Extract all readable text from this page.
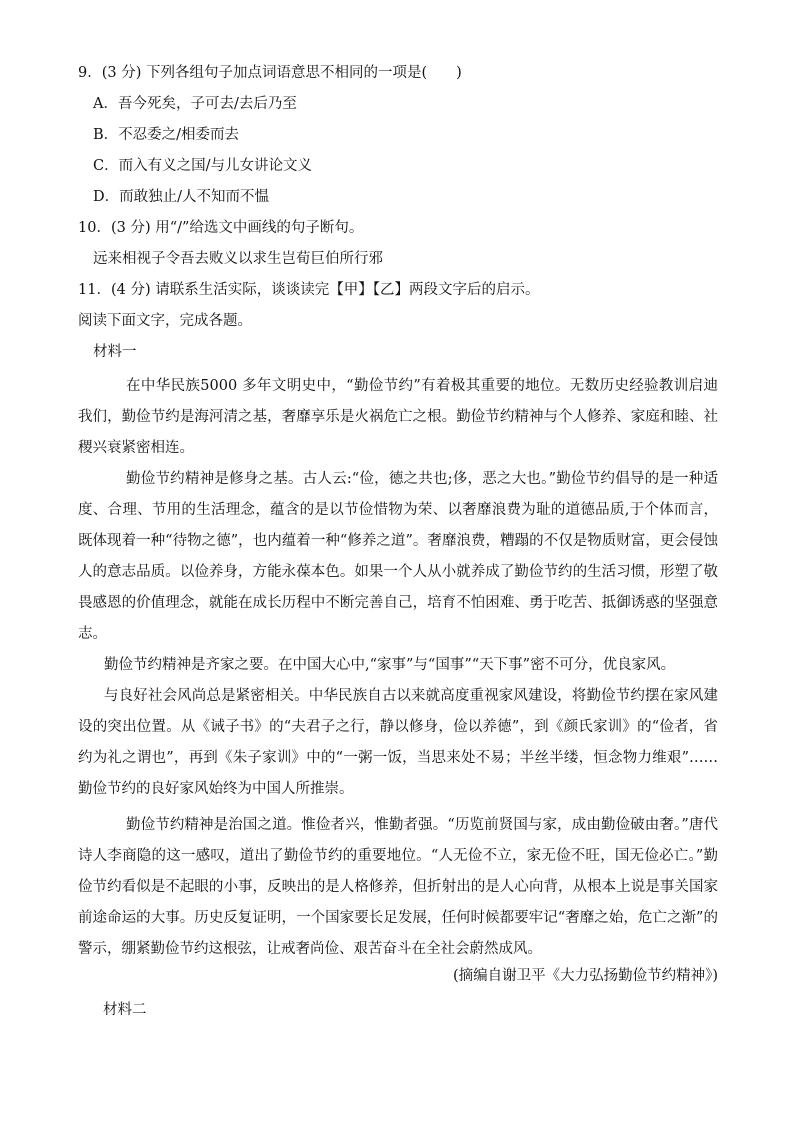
9．(3 分) 下列各组句子加点词语意思不相同的一项是(　　)
A．吾今死矣，子可去/去后乃至
B．不忍委之/相委而去
C．而入有义之国/与儿女讲论文义
D．而敢独止/人不知而不愠
10．(3 分) 用“/”给选文中画线的句子断句。
远来相视子令吾去败义以求生岂荀巨伯所行邪
11．(4 分) 请联系生活实际，谈谈读完【甲】【乙】两段文字后的启示。
阅读下面文字，完成各题。
材料一
在中华民族5000 多年文明史中，“勤俭节约”有着极其重要的地位。无数历史经验教训启迪我们，勤俭节约是海河清之基，奢靡享乐是火祸危亡之根。勤俭节约精神与个人修养、家庭和睦、社稷兴衰紧密相连。
勤俭节约精神是修身之基。古人云:“俭，德之共也;侈，恶之大也。”勤俭节约倡导的是一种适度、合理、节用的生活理念，蕴含的是以节俭惜物为荣、以奢靡浪费为耻的道德品质,于个体而言，既体现着一种“待物之德”，也内蕴着一种“修养之道”。奢靡浪费，糟蹋的不仅是物质财富，更会侵蚀人的意志品质。以俭养身，方能永葆本色。如果一个人从小就养成了勤俭节约的生活习惯，形塑了敬畏感恩的价值理念，就能在成长历程中不断完善自己，培育不怕困难、勇于吃苦、抵御诱惑的坚强意志。
勤俭节约精神是齐家之要。在中国大心中,“家事”与“国事”“天下事”密不可分，优良家风。
与良好社会风尚总是紧密相关。中华民族自古以来就高度重视家风建设，将勤俭节约摆在家风建设的突出位置。从《诫子书》的“夫君子之行，静以修身，俭以养德”，到《颜氏家训》的“俭者，省约为礼之谓也”，再到《朱子家训》中的“一粥一饭，当思来处不易；半丝半缕，恒念物力维艰”……勤俭节约的良好家风始终为中国人所推崇。
勤俭节约精神是治国之道。惟俭者兴，惟勤者强。“历览前贤国与家，成由勤俭破由奢。”唐代诗人李商隐的这一感叹，道出了勤俭节约的重要地位。“人无俭不立，家无俭不旺，国无俭必亡。”勤俭节约看似是不起眼的小事，反映出的是人格修养，但折射出的是人心向背，从根本上说是事关国家前途命运的大事。历史反复证明，一个国家要长足发展，任何时候都要牢记“奢靡之始，危亡之渐”的警示，绷紧勤俭节约这根弦，让戒奢尚俭、艰苦奋斗在全社会蔚然成风。
(摘编自谢卫平《大力弘扬勤俭节约精神》)
材料二
